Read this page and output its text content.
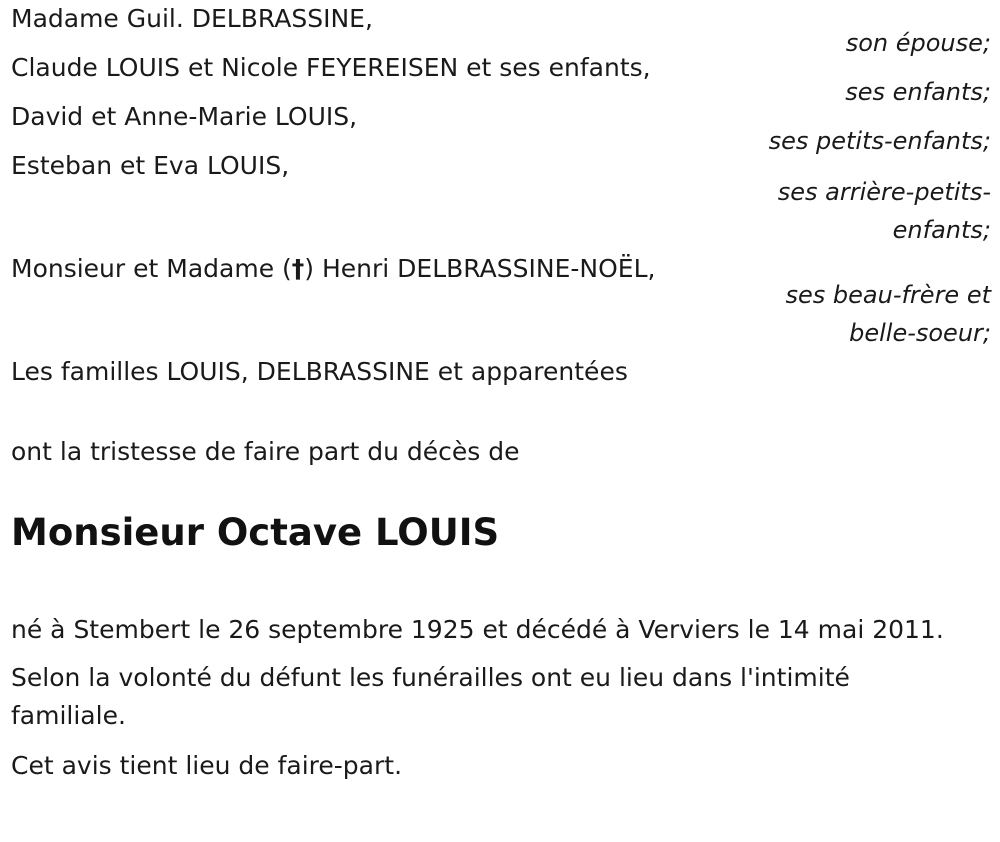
Madame Guil. DELBRASSINE,
son épouse;
Claude LOUIS et Nicole FEYEREISEN et ses enfants,
ses enfants;
David et Anne-Marie LOUIS,
ses petits-enfants;
Esteban et Eva LOUIS,
ses arrière-petits-
enfants;
Monsieur et Madame (†) Henri DELBRASSINE-NOËL,
ses beau-frère et
belle-soeur;
Les familles LOUIS, DELBRASSINE et apparentées
ont la tristesse de faire part du décès de
Monsieur Octave LOUIS
né à Stembert le 26 septembre 1925 et décédé à Verviers le 14 mai 2011.
Selon la volonté du défunt les funérailles ont eu lieu dans l'intimité familiale.
Cet avis tient lieu de faire-part.
